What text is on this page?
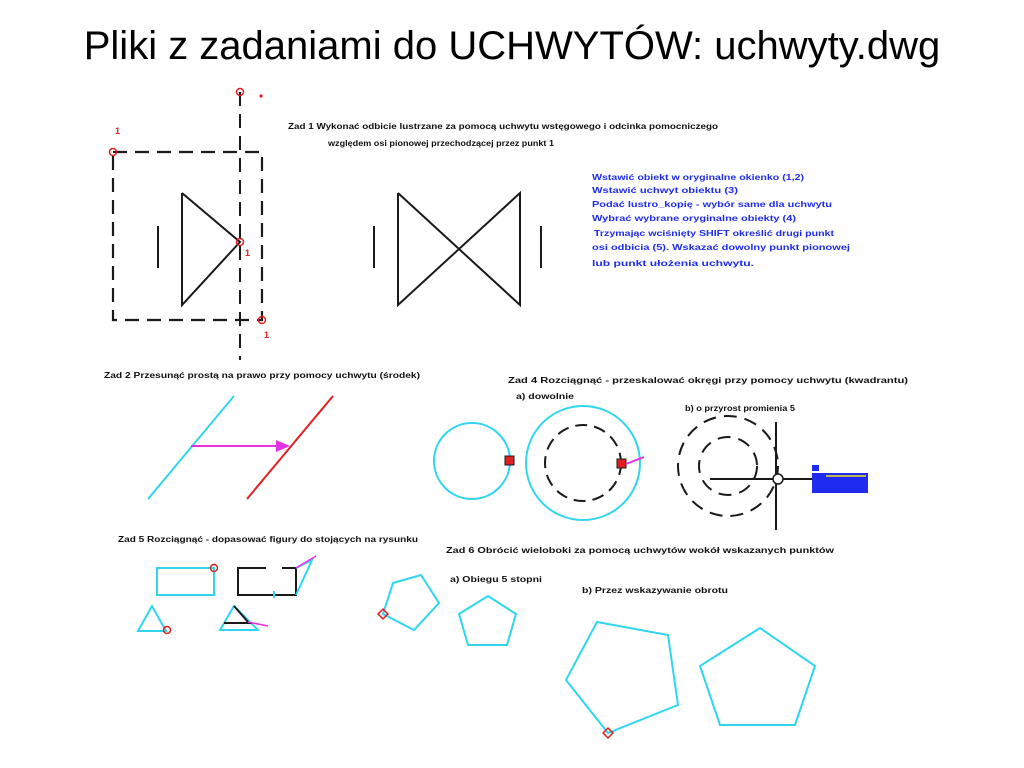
Pliki z zadaniami do UCHWYTÓW: uchwyty.dwg
1
1
1
Zad 1 Wykonać odbicie lustrzane za pomocą uchwytu wstęgowego i odcinka pomocniczego
względem osi pionowej przechodzącej przez punkt 1
Wstawić obiekt w oryginalne okienko (1,2)
Wstawić uchwyt obiektu (3)
Podać lustro_kopię - wybór same dla uchwytu
Wybrać wybrane oryginalne obiekty (4)
Trzymając wciśnięty SHIFT określić drugi punkt
osi odbicia (5). Wskazać dowolny punkt pionowej
lub punkt ułożenia uchwytu.
Zad 2 Przesunąć prostą na prawo przy pomocy uchwytu (środek)	Zad 4 Rozciągnąć - przeskalować okręgi przy pomocy uchwytu (kwadrantu)
a) dowolnie
b) o przyrost promienia 5
Zad 5 Rozciągnąć - dopasować figury do stojących na rysunku
Zad 6 Obrócić wieloboki za pomocą uchwytów wokół wskazanych punktów
a) Obiegu 5 stopni
b) Przez wskazywanie obrotu
